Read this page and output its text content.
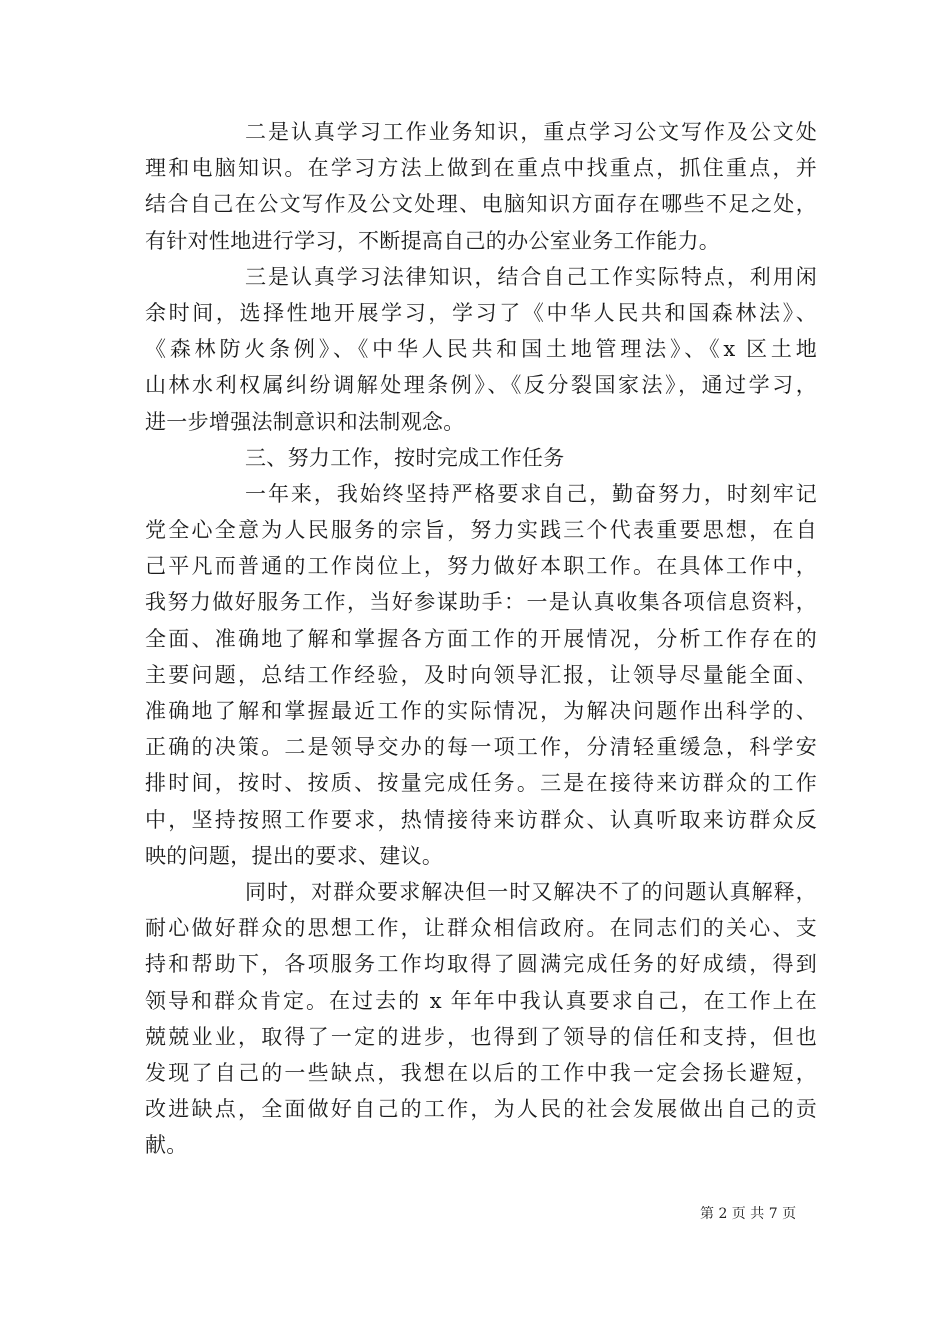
二是认真学习工作业务知识，重点学习公文写作及公文处
理和电脑知识。在学习方法上做到在重点中找重点，抓住重点，并
结合自己在公文写作及公文处理、电脑知识方面存在哪些不足之处，
有针对性地进行学习，不断提高自己的办公室业务工作能力。
三是认真学习法律知识，结合自己工作实际特点，利用闲
余时间，选择性地开展学习，学习了《中华人民共和国森林法》、
《森林防火条例》、《中华人民共和国土地管理法》、《x 区土地
山林水利权属纠纷调解处理条例》、《反分裂国家法》，通过学习，
进一步增强法制意识和法制观念。
三、努力工作，按时完成工作任务
一年来，我始终坚持严格要求自己，勤奋努力，时刻牢记
党全心全意为人民服务的宗旨，努力实践三个代表重要思想，在自
己平凡而普通的工作岗位上，努力做好本职工作。在具体工作中，
我努力做好服务工作，当好参谋助手：一是认真收集各项信息资料，
全面、准确地了解和掌握各方面工作的开展情况，分析工作存在的
主要问题，总结工作经验，及时向领导汇报，让领导尽量能全面、
准确地了解和掌握最近工作的实际情况，为解决问题作出科学的、
正确的决策。二是领导交办的每一项工作，分清轻重缓急，科学安
排时间，按时、按质、按量完成任务。三是在接待来访群众的工作
中，坚持按照工作要求，热情接待来访群众、认真听取来访群众反
映的问题，提出的要求、建议。
同时，对群众要求解决但一时又解决不了的问题认真解释，
耐心做好群众的思想工作，让群众相信政府。在同志们的关心、支
持和帮助下，各项服务工作均取得了圆满完成任务的好成绩，得到
领导和群众肯定。在过去的 x 年年中我认真要求自己，在工作上在
兢兢业业，取得了一定的进步，也得到了领导的信任和支持，但也
发现了自己的一些缺点，我想在以后的工作中我一定会扬长避短，
改进缺点，全面做好自己的工作，为人民的社会发展做出自己的贡
献。
第 2 页 共 7 页
